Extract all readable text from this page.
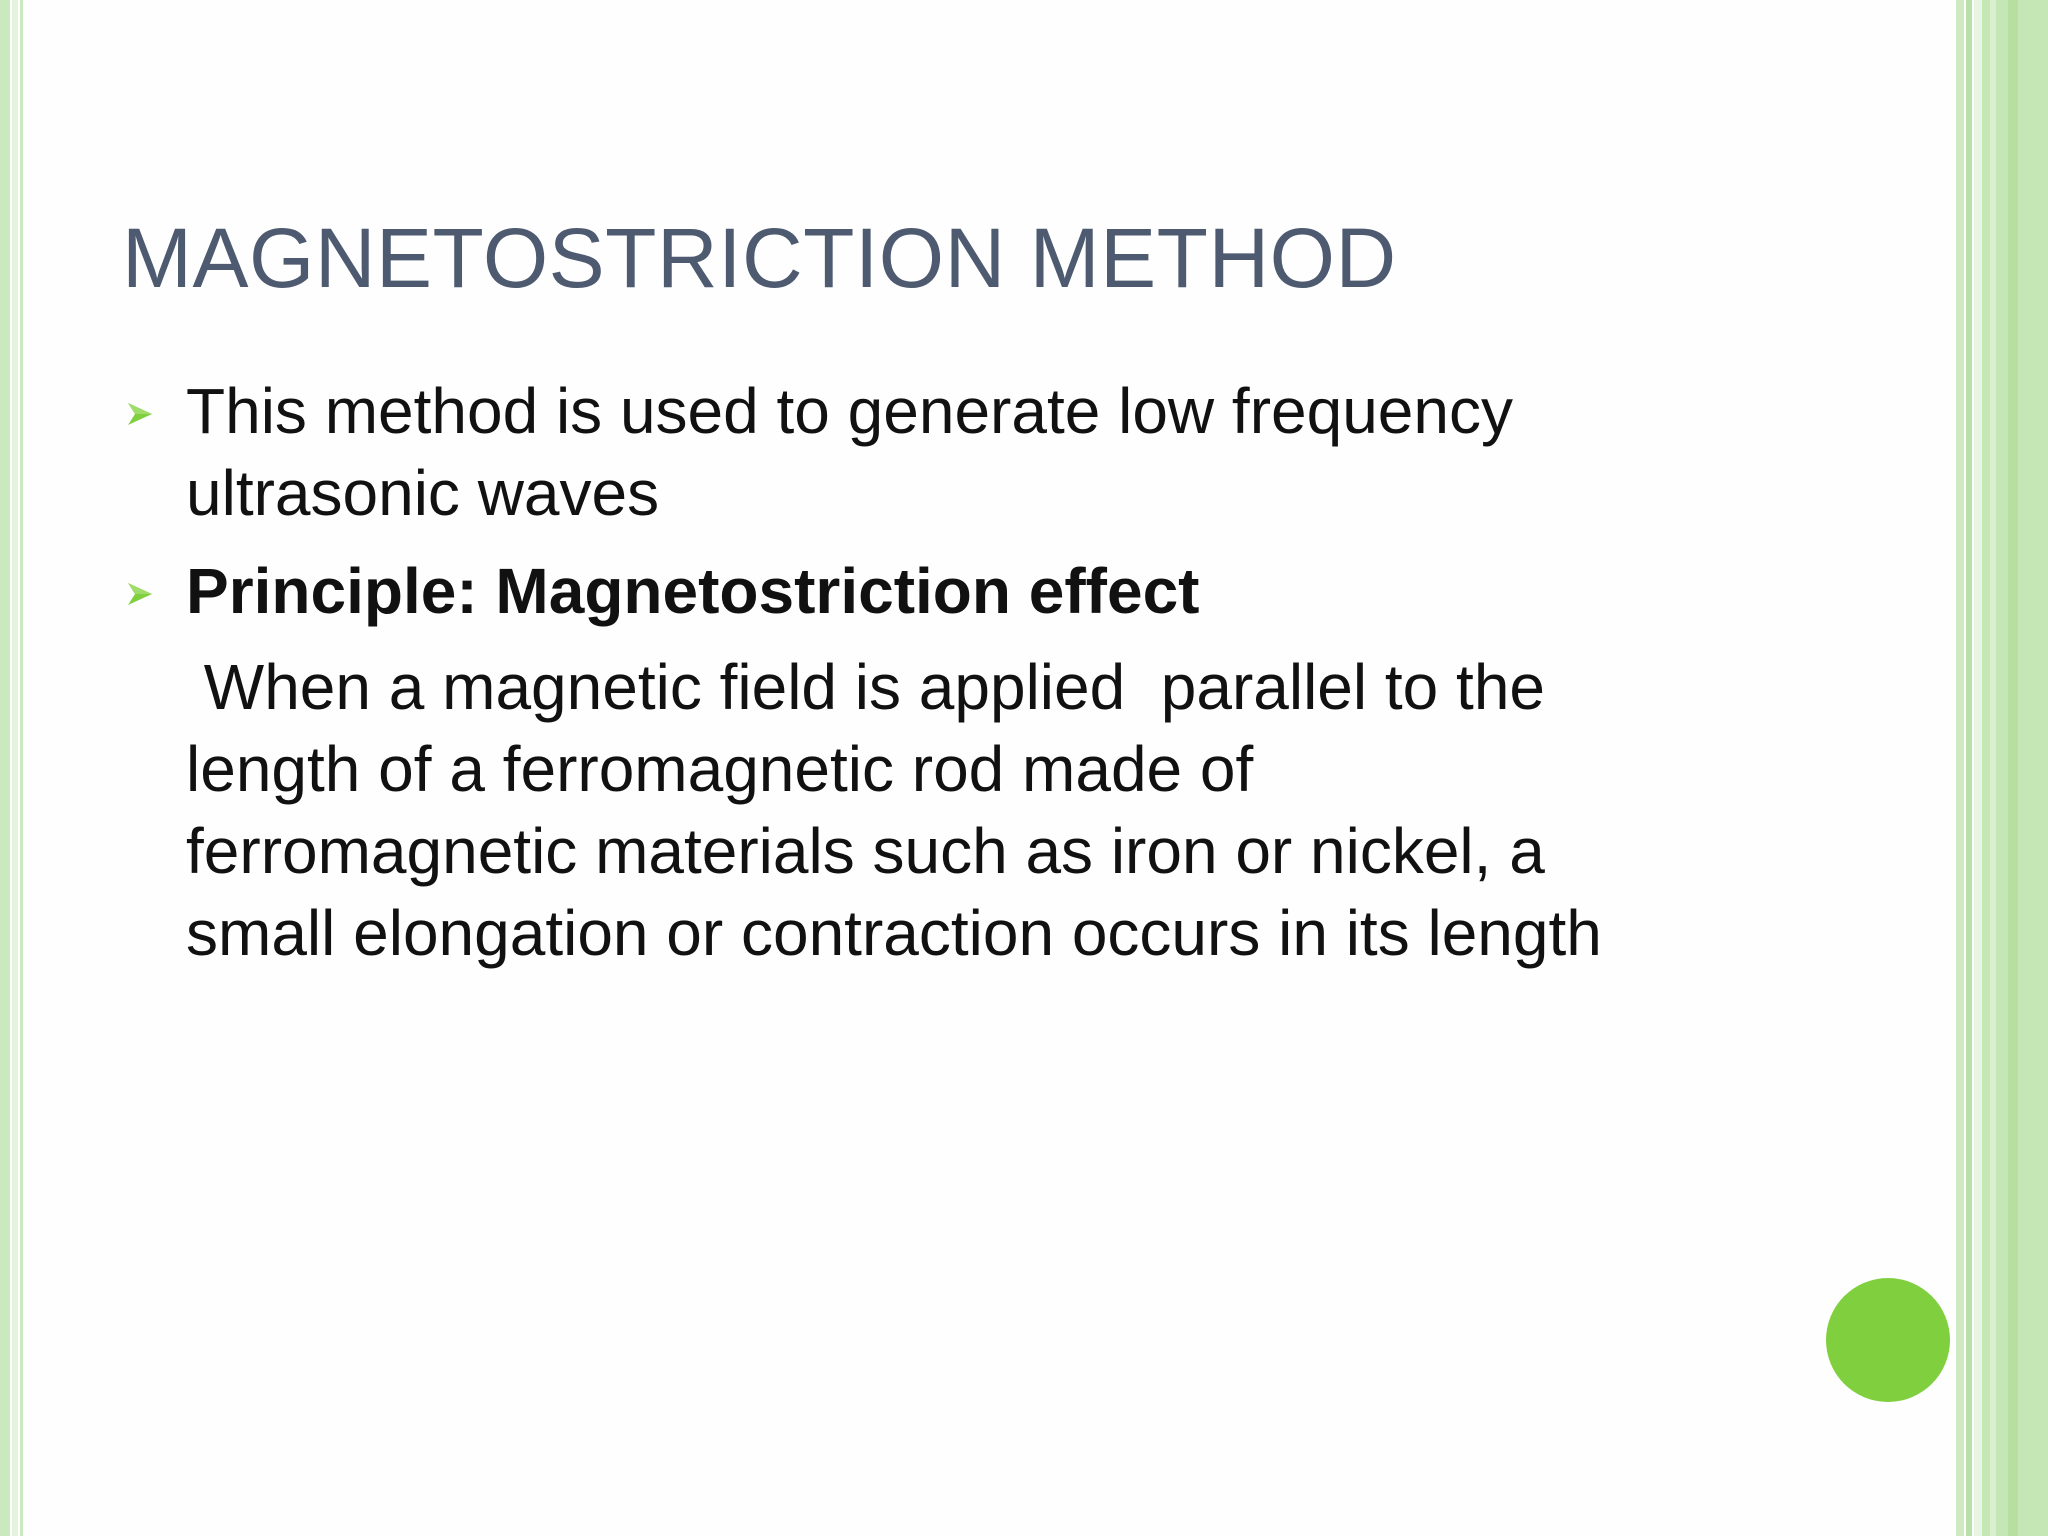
MAGNETOSTRICTION METHOD
This method is used to generate low frequency
ultrasonic waves
Principle: Magnetostriction effect
When a magnetic field is applied  parallel to the
length of a ferromagnetic rod made of
ferromagnetic materials such as iron or nickel, a
small elongation or contraction occurs in its length
